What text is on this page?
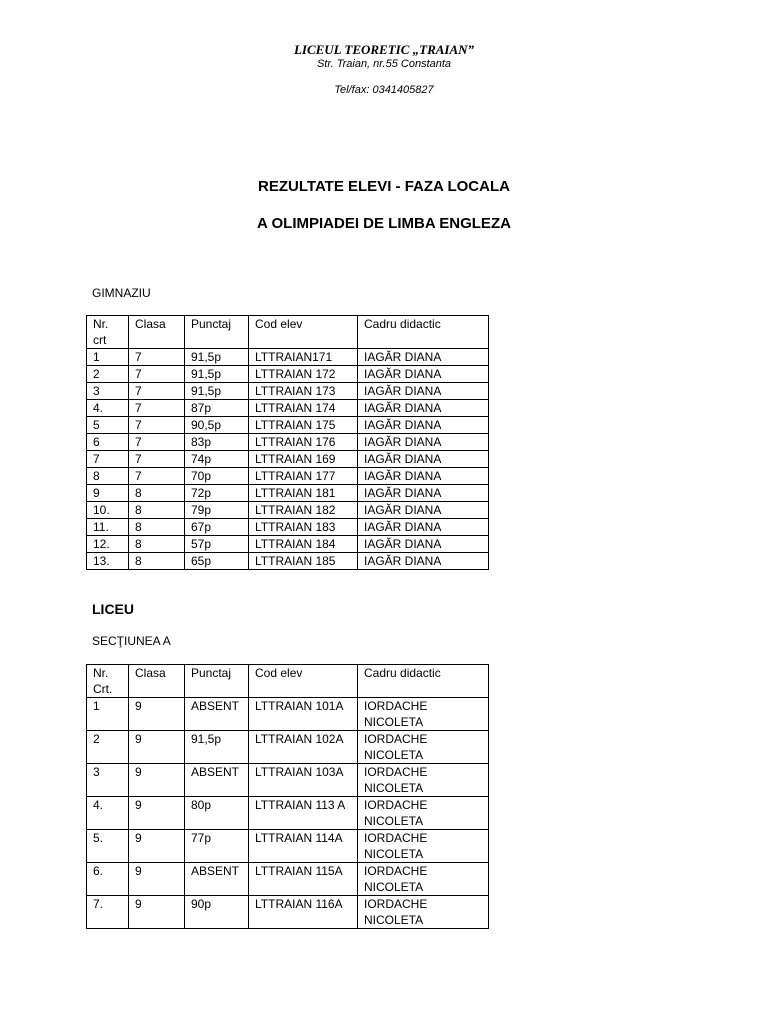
LICEUL TEORETIC „TRAIAN”
Str. Traian, nr.55 Constanta
Tel/fax: 0341405827
REZULTATE ELEVI - FAZA LOCALA
A OLIMPIADEI DE LIMBA ENGLEZA
GIMNAZIU
Nr. crt	Clasa	Punctaj	Cod elev	Cadru didactic
1	7	91,5p	LTTRAIAN171	IAGĂR DIANA
2	7	91,5p	LTTRAIAN 172	IAGĂR DIANA
3	7	91,5p	LTTRAIAN 173	IAGĂR DIANA
4.	7	87p	LTTRAIAN 174	IAGĂR DIANA
5	7	90,5p	LTTRAIAN 175	IAGĂR DIANA
6	7	83p	LTTRAIAN 176	IAGĂR DIANA
7	7	74p	LTTRAIAN 169	IAGĂR DIANA
8	7	70p	LTTRAIAN 177	IAGĂR DIANA
9	8	72p	LTTRAIAN 181	IAGĂR DIANA
10.	8	79p	LTTRAIAN 182	IAGĂR DIANA
11.	8	67p	LTTRAIAN 183	IAGĂR DIANA
12.	8	57p	LTTRAIAN 184	IAGĂR DIANA
13.	8	65p	LTTRAIAN 185	IAGĂR DIANA
LICEU
SECŢIUNEA A
Nr. Crt.	Clasa	Punctaj	Cod elev	Cadru didactic
1	9	ABSENT	LTTRAIAN 101A	IORDACHE NICOLETA
2	9	91,5p	LTTRAIAN 102A	IORDACHE NICOLETA
3	9	ABSENT	LTTRAIAN 103A	IORDACHE NICOLETA
4.	9	80p	LTTRAIAN 113 A	IORDACHE NICOLETA
5.	9	77p	LTTRAIAN 114A	IORDACHE NICOLETA
6.	9	ABSENT	LTTRAIAN 115A	IORDACHE NICOLETA
7.	9	90p	LTTRAIAN 116A	IORDACHE NICOLETA
